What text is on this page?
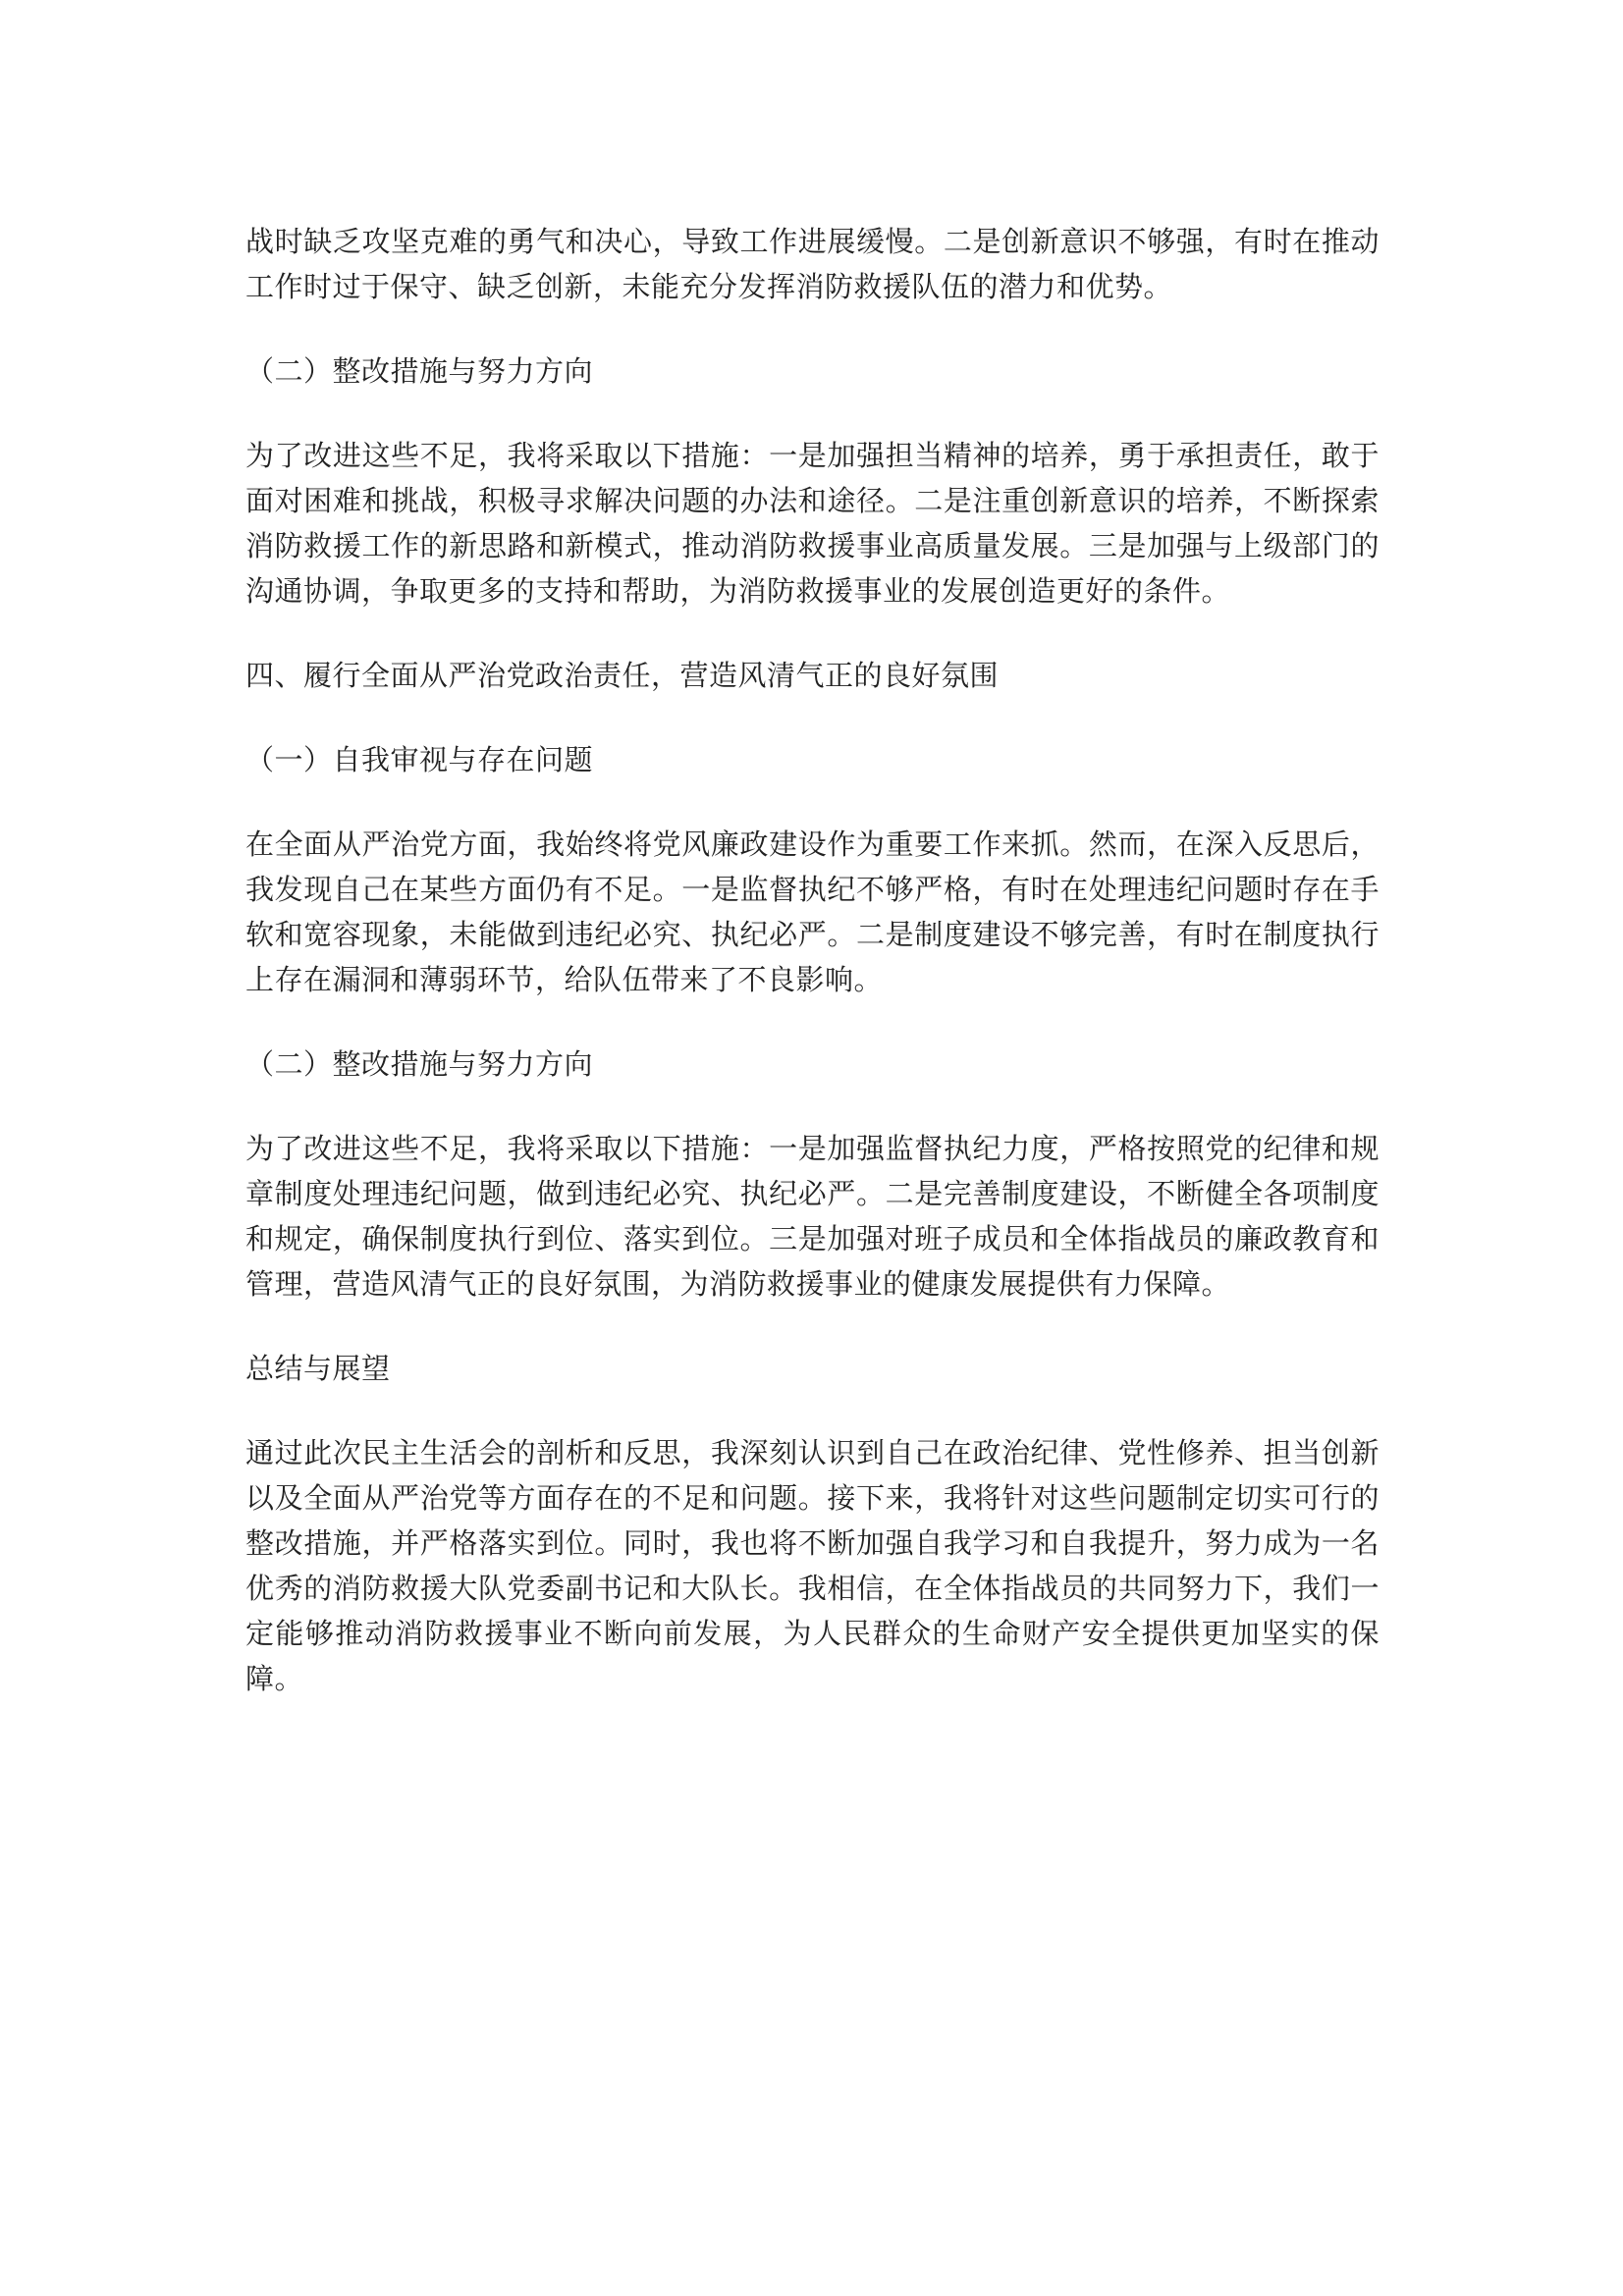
战时缺乏攻坚克难的勇气和决心，导致工作进展缓慢。二是创新意识不够强，有时在推动工作时过于保守、缺乏创新，未能充分发挥消防救援队伍的潜力和优势。

（二）整改措施与努力方向

为了改进这些不足，我将采取以下措施：一是加强担当精神的培养，勇于承担责任，敢于面对困难和挑战，积极寻求解决问题的办法和途径。二是注重创新意识的培养，不断探索消防救援工作的新思路和新模式，推动消防救援事业高质量发展。三是加强与上级部门的沟通协调，争取更多的支持和帮助，为消防救援事业的发展创造更好的条件。

四、履行全面从严治党政治责任，营造风清气正的良好氛围

（一）自我审视与存在问题

在全面从严治党方面，我始终将党风廉政建设作为重要工作来抓。然而，在深入反思后，我发现自己在某些方面仍有不足。一是监督执纪不够严格，有时在处理违纪问题时存在手软和宽容现象，未能做到违纪必究、执纪必严。二是制度建设不够完善，有时在制度执行上存在漏洞和薄弱环节，给队伍带来了不良影响。

（二）整改措施与努力方向

为了改进这些不足，我将采取以下措施：一是加强监督执纪力度，严格按照党的纪律和规章制度处理违纪问题，做到违纪必究、执纪必严。二是完善制度建设，不断健全各项制度和规定，确保制度执行到位、落实到位。三是加强对班子成员和全体指战员的廉政教育和管理，营造风清气正的良好氛围，为消防救援事业的健康发展提供有力保障。

总结与展望

通过此次民主生活会的剖析和反思，我深刻认识到自己在政治纪律、党性修养、担当创新以及全面从严治党等方面存在的不足和问题。接下来，我将针对这些问题制定切实可行的整改措施，并严格落实到位。同时，我也将不断加强自我学习和自我提升，努力成为一名优秀的消防救援大队党委副书记和大队长。我相信，在全体指战员的共同努力下，我们一定能够推动消防救援事业不断向前发展，为人民群众的生命财产安全提供更加坚实的保障。
